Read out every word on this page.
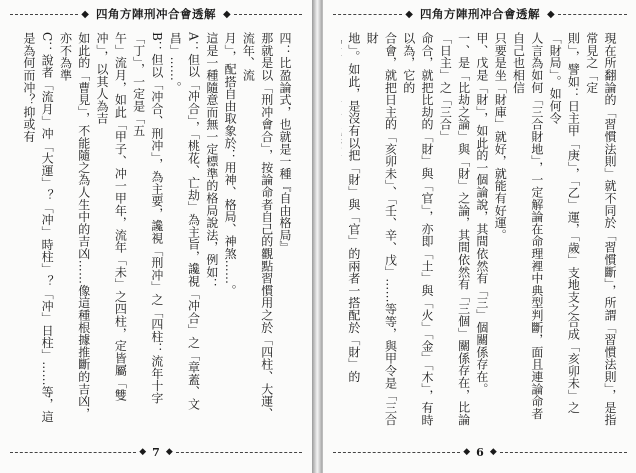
◆ 四角方陣刑冲合會透解 ◆

四：比盈論式，也就是一種『自由格局』

那就是以「刑冲會合」，按論命者自己的觀點習慣用之於「四柱、大運、流年、流

月」，配搭自由取象於：用神、格局、神煞……。

這是一種隨意而無一定標準的格局說法，例如：

A：但以「冲合」，「桃花、亡劫」為主旨，讒視「冲合」之「章蓋、文昌」……。

B：但以「冲合、刑冲」，為主要，讒視「刑冲」之「四柱：流年十字「丁」，一定是「五

午」流月，如此「甲子、冲一甲年，流年「未」之四柱，定皆屬「雙冲」，以其人為吉

如此的「曹見」，不能隨之為人生中的吉凶……像這種根據推斷的吉凶，亦不為準

C：說者「流月」冲「大運」？「冲」時柱」？「冲」日柱」……等，這是為何而冲？抑或有

◆ 7 ◆
◆ 四角方陣刑冲合會透解 ◆

現在所翻論的「習慣法則」就不同於「習慣斷」，所謂「習慣法則」，是指常見之「定

則」，譬如：日主甲「庚」，「乙」運，「歲」支地支之合成「亥卯未」之「財局」。如何令

人言為如何「三合財地」，一定解論在命理裡中典型判斷，面且連論命者自己也相信

只要是坐「財庫」就好，就能有好運。

甲、戊是「財」，如此的一個論說，其間依然有「三」個關係存在。

一、是「比劫之論」與「財」之論，其間依然有「三個」關係存在，比論「日主」之「三合」

命合，就把比劫的「財」與「官」，亦即「土」與「火」「金」「木」，有時以為，它的

合會，就把日主的「亥卯未」、「壬、辛、戊」……等等，與甲令是「三合財

地」。如此，是沒有以把「財」與「官」的兩者一搭配於「財」的

◆ 6 ◆
